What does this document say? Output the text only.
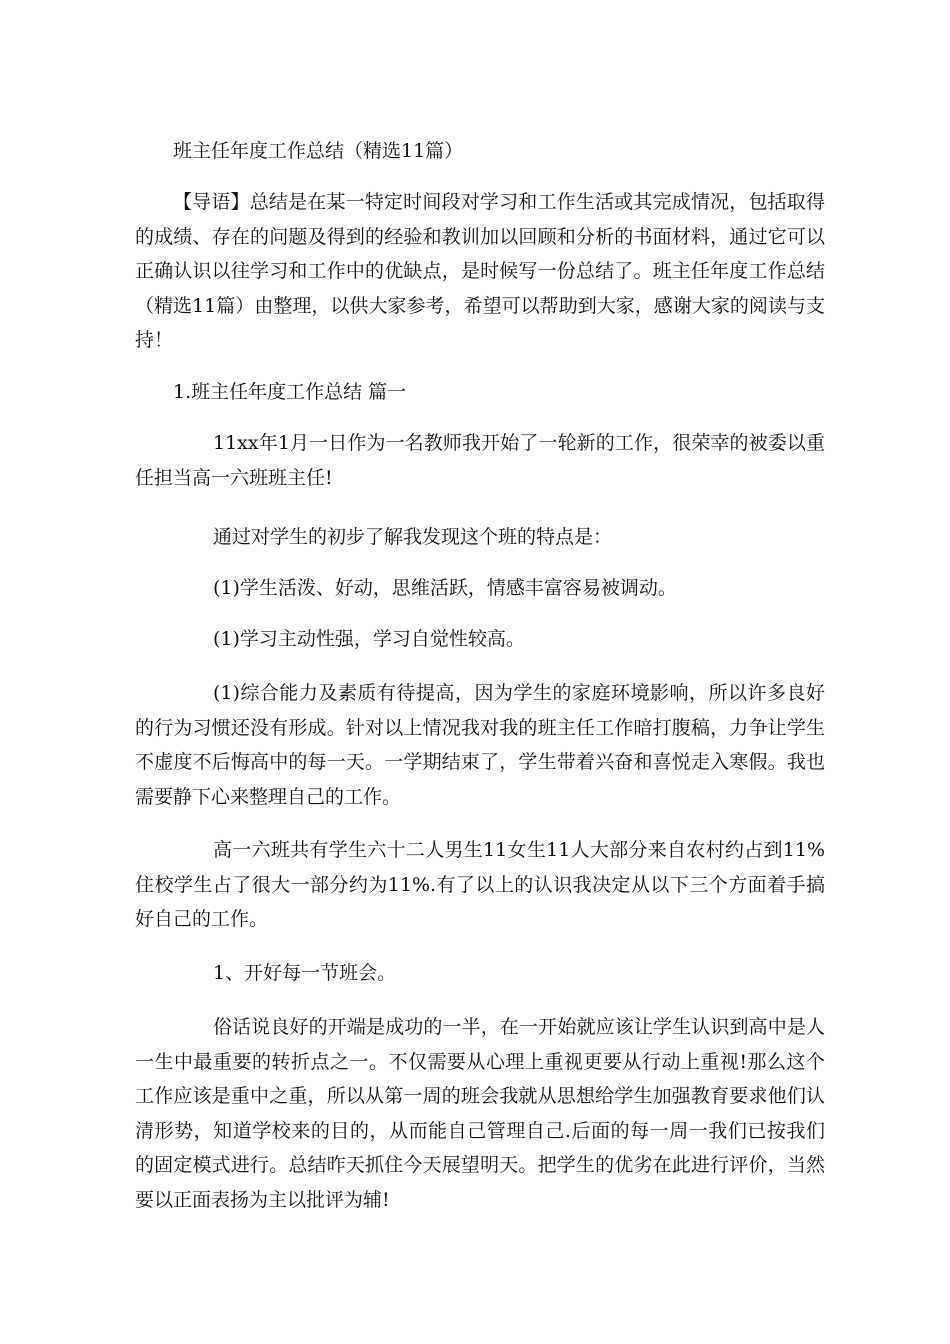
班主任年度工作总结（精选11篇）

【导语】总结是在某一特定时间段对学习和工作生活或其完成情况，包括取得的成绩、存在的问题及得到的经验和教训加以回顾和分析的书面材料，通过它可以正确认识以往学习和工作中的优缺点，是时候写一份总结了。班主任年度工作总结（精选11篇）由整理，以供大家参考，希望可以帮助到大家，感谢大家的阅读与支持！

1.班主任年度工作总结 篇一

11xx年1月一日作为一名教师我开始了一轮新的工作，很荣幸的被委以重任担当高一六班班主任!

通过对学生的初步了解我发现这个班的特点是：

(1)学生活泼、好动，思维活跃，情感丰富容易被调动。

(1)学习主动性强，学习自觉性较高。

(1)综合能力及素质有待提高，因为学生的家庭环境影响，所以许多良好的行为习惯还没有形成。针对以上情况我对我的班主任工作暗打腹稿，力争让学生不虚度不后悔高中的每一天。一学期结束了，学生带着兴奋和喜悦走入寒假。我也需要静下心来整理自己的工作。

高一六班共有学生六十二人男生11女生11人大部分来自农村约占到11%住校学生占了很大一部分约为11%.有了以上的认识我决定从以下三个方面着手搞好自己的工作。

1、开好每一节班会。

俗话说良好的开端是成功的一半，在一开始就应该让学生认识到高中是人一生中最重要的转折点之一。不仅需要从心理上重视更要从行动上重视!那么这个工作应该是重中之重，所以从第一周的班会我就从思想给学生加强教育要求他们认清形势，知道学校来的目的，从而能自己管理自己.后面的每一周一我们已按我们的固定模式进行。总结昨天抓住今天展望明天。把学生的优劣在此进行评价，当然要以正面表扬为主以批评为辅!
